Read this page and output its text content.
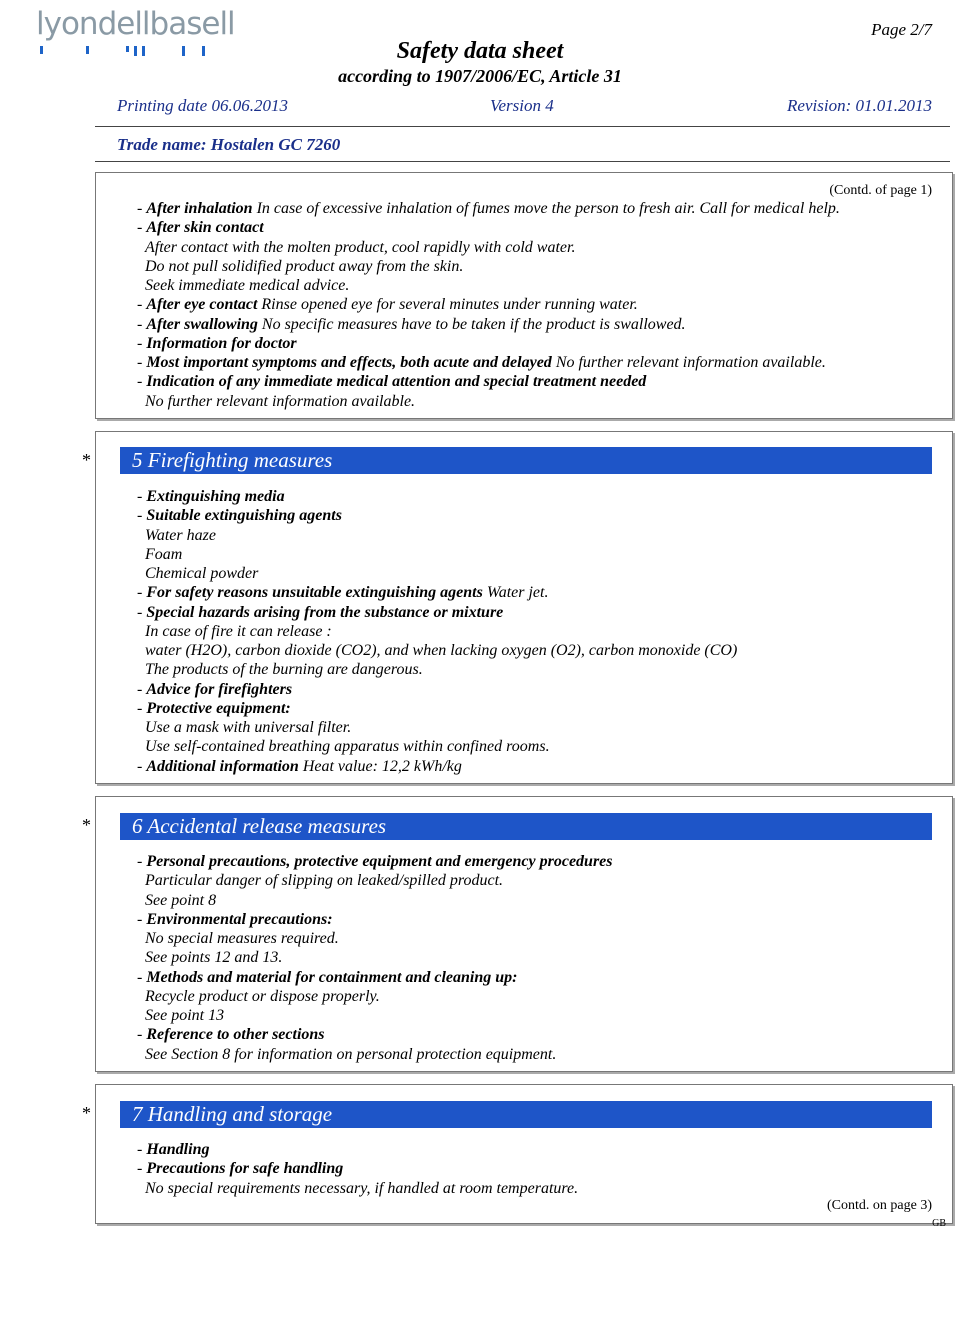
lyondellbasell	Page 2/7
Safety data sheet
according to 1907/2006/EC, Article 31
Printing date 06.06.2013	Version 4	Revision: 01.01.2013
Trade name: Hostalen GC 7260
(Contd. of page 1)
- After inhalation In case of excessive inhalation of fumes move the person to fresh air. Call for medical help.
- After skin contact
After contact with the molten product, cool rapidly with cold water.
Do not pull solidified product away from the skin.
Seek immediate medical advice.
- After eye contact Rinse opened eye for several minutes under running water.
- After swallowing No specific measures have to be taken if the product is swallowed.
- Information for doctor
- Most important symptoms and effects, both acute and delayed No further relevant information available.
- Indication of any immediate medical attention and special treatment needed
No further relevant information available.
* 5 Firefighting measures
- Extinguishing media
- Suitable extinguishing agents
Water haze
Foam
Chemical powder
- For safety reasons unsuitable extinguishing agents Water jet.
- Special hazards arising from the substance or mixture
In case of fire it can release :
water (H2O), carbon dioxide (CO2), and when lacking oxygen (O2), carbon monoxide (CO)
The products of the burning are dangerous.
- Advice for firefighters
- Protective equipment:
Use a mask with universal filter.
Use self-contained breathing apparatus within confined rooms.
- Additional information Heat value: 12,2 kWh/kg
* 6 Accidental release measures
- Personal precautions, protective equipment and emergency procedures
Particular danger of slipping on leaked/spilled product.
See point 8
- Environmental precautions:
No special measures required.
See points 12 and 13.
- Methods and material for containment and cleaning up:
Recycle product or dispose properly.
See point 13
- Reference to other sections
See Section 8 for information on personal protection equipment.
* 7 Handling and storage
- Handling
- Precautions for safe handling
No special requirements necessary, if handled at room temperature.
(Contd. on page 3)
GB
